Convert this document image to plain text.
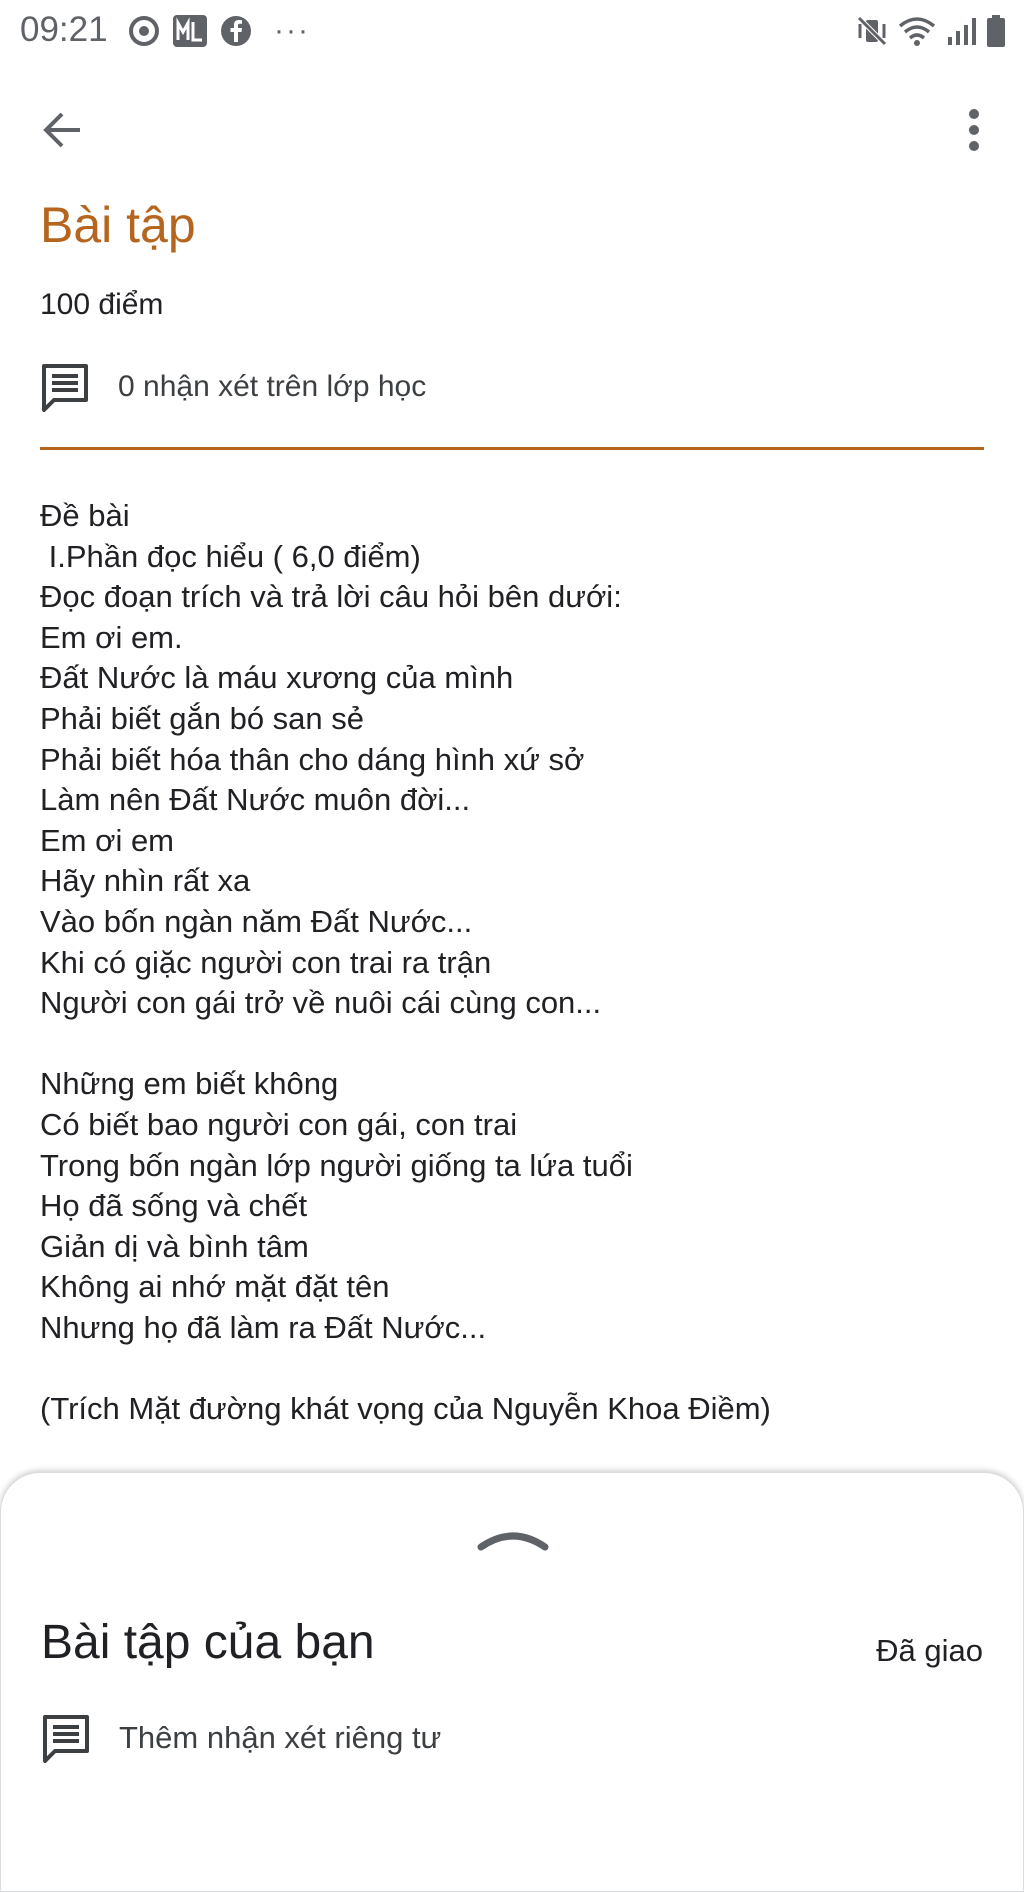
09:21	···
Bài tập
100 điểm
0 nhận xét trên lớp học
Đề bài
I.Phần đọc hiểu ( 6,0 điểm)
Đọc đoạn trích và trả lời câu hỏi bên dưới:
Em ơi em.
Đất Nước là máu xương của mình
Phải biết gắn bó san sẻ
Phải biết hóa thân cho dáng hình xứ sở
Làm nên Đất Nước muôn đời...
Em ơi em
Hãy nhìn rất xa
Vào bốn ngàn năm Đất Nước...
Khi có giặc người con trai ra trận
Người con gái trở về nuôi cái cùng con...
Những em biết không
Có biết bao người con gái, con trai
Trong bốn ngàn lớp người giống ta lứa tuổi
Họ đã sống và chết
Giản dị và bình tâm
Không ai nhớ mặt đặt tên
Nhưng họ đã làm ra Đất Nước...
(Trích Mặt đường khát vọng của Nguyễn Khoa Điềm)
Bài tập của bạn	Đã giao
Thêm nhận xét riêng tư
